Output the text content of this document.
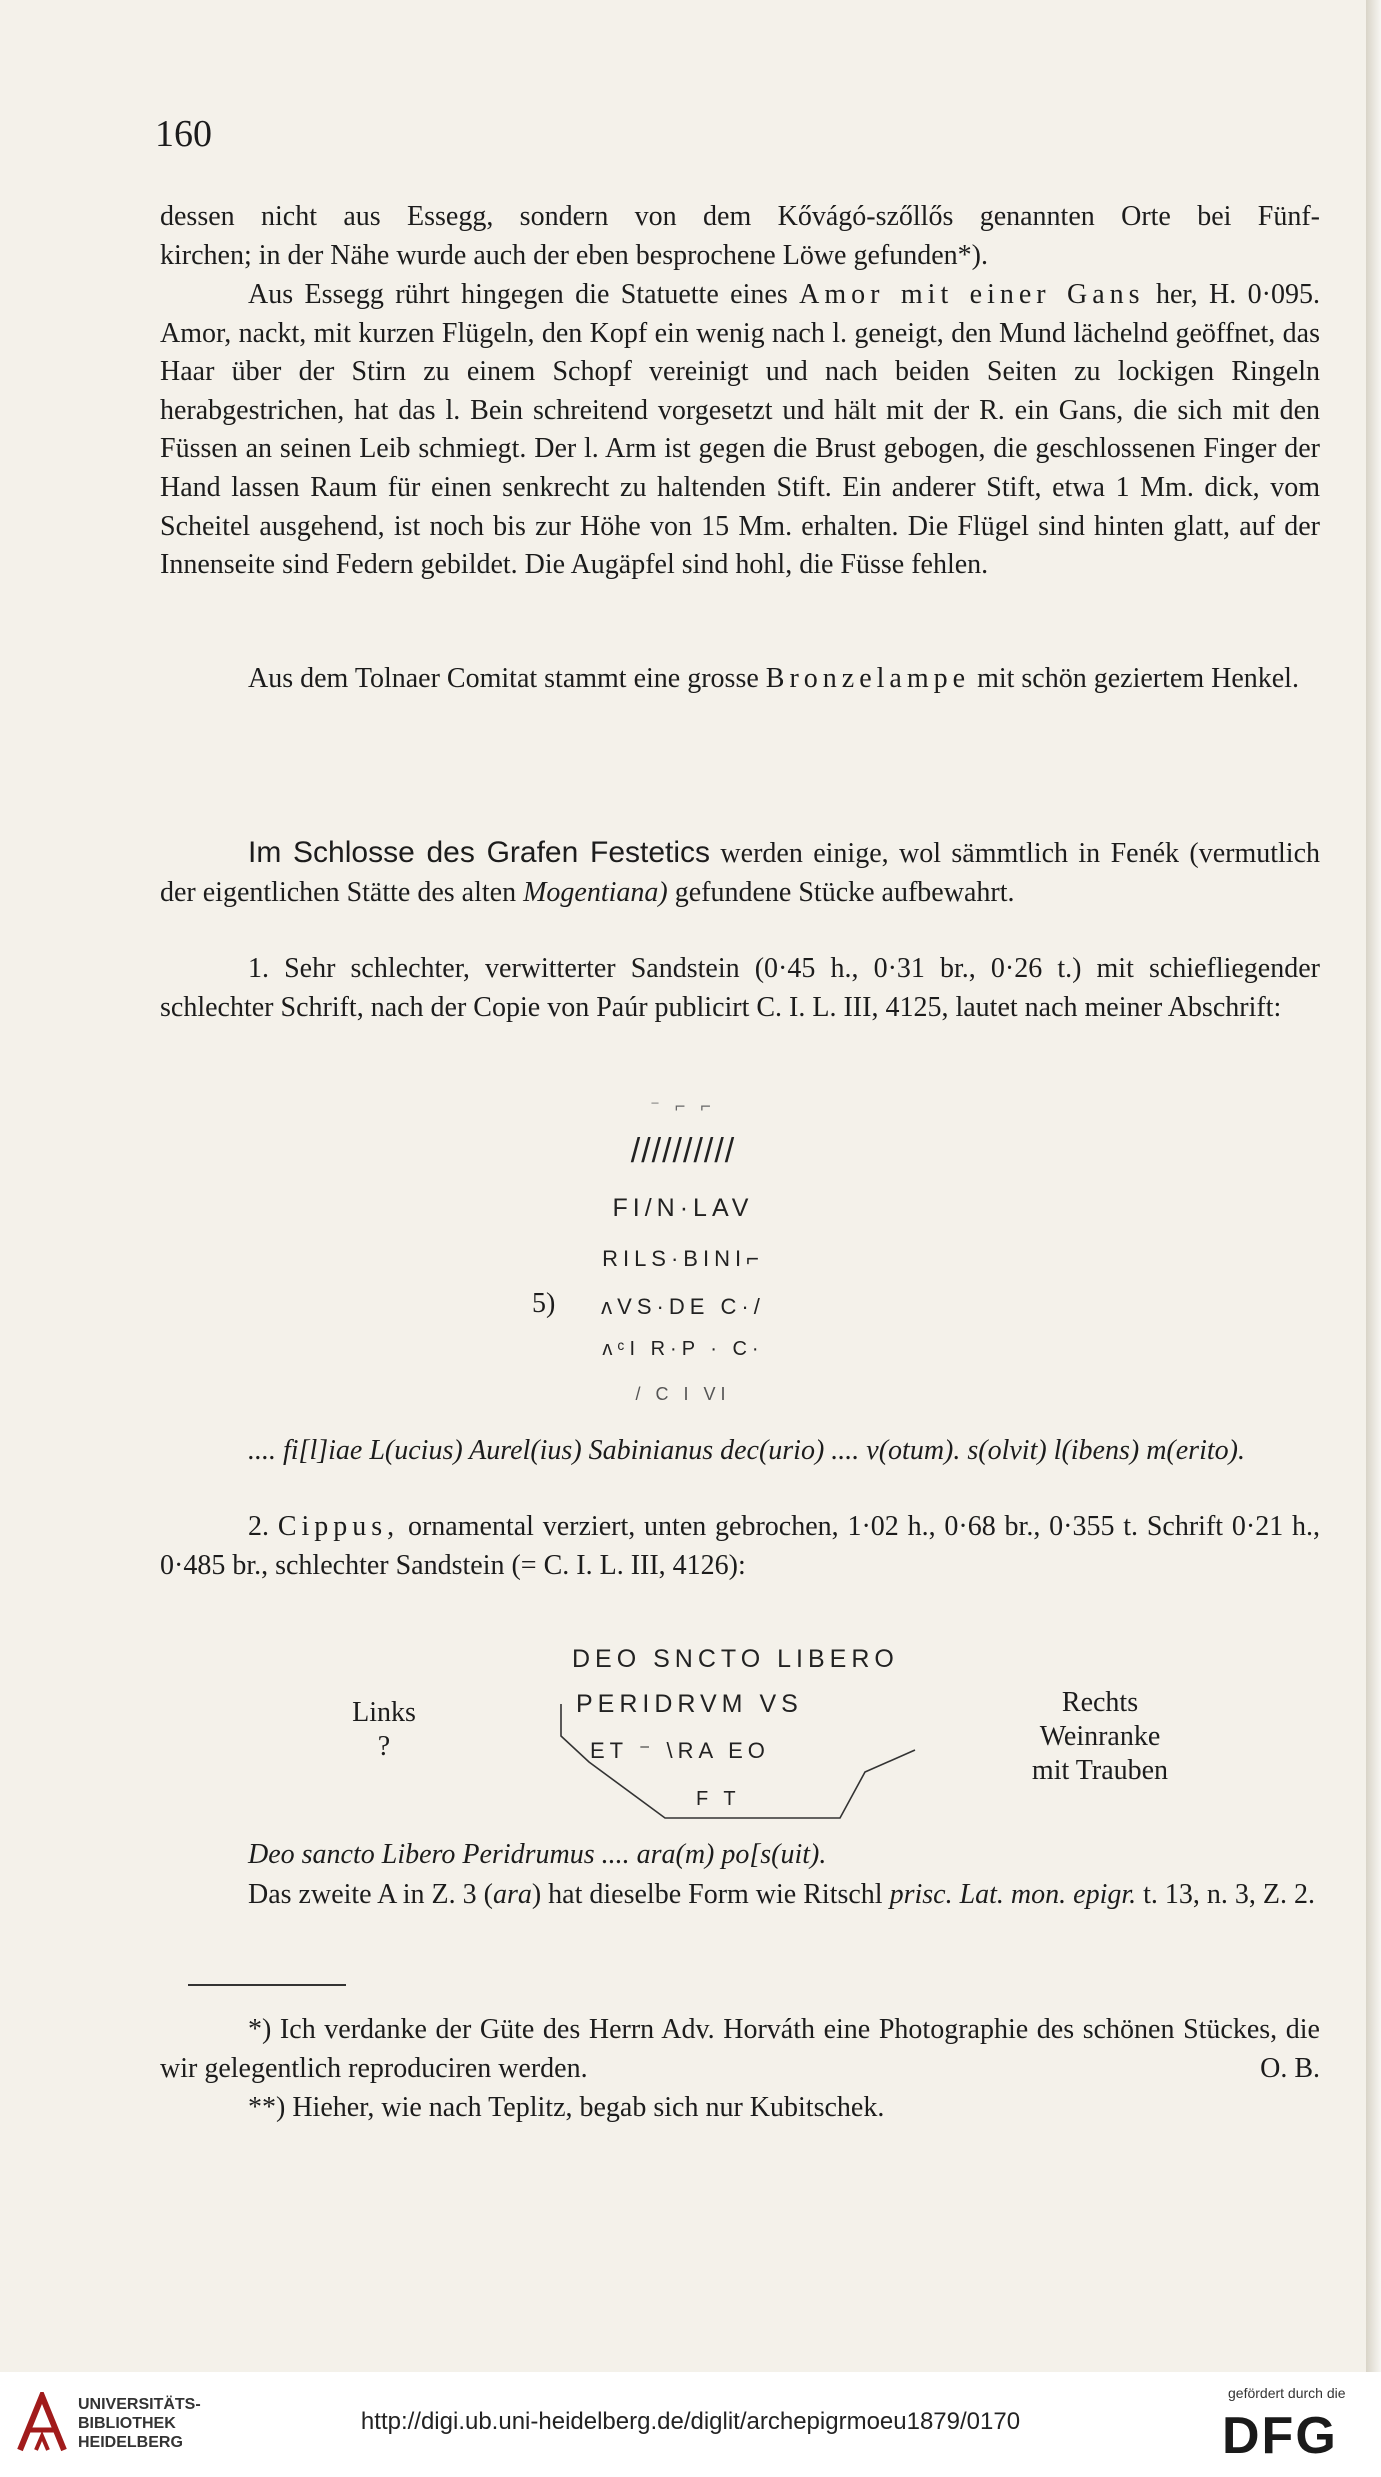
160
dessen nicht aus Essegg, sondern von dem Kővágó-szőllős genannten Orte bei Fünf-
kirchen; in der Nähe wurde auch der eben besprochene Löwe gefunden*).
Aus Essegg rührt hingegen die Statuette eines Amor mit einer Gans her, H. 0·095. Amor, nackt, mit kurzen Flügeln, den Kopf ein wenig nach l. geneigt, den Mund lächelnd geöffnet, das Haar über der Stirn zu einem Schopf vereinigt und nach beiden Seiten zu lockigen Ringeln herabgestrichen, hat das l. Bein schreitend vorgesetzt und hält mit der R. ein Gans, die sich mit den Füssen an seinen Leib schmiegt. Der l. Arm ist gegen die Brust gebogen, die geschlossenen Finger der Hand lassen Raum für einen senkrecht zu haltenden Stift. Ein anderer Stift, etwa 1 Mm. dick, vom Scheitel ausgehend, ist noch bis zur Höhe von 15 Mm. erhalten. Die Flügel sind hinten glatt, auf der Innenseite sind Federn gebildet. Die Augäpfel sind hohl, die Füsse fehlen.
Aus dem Tolnaer Comitat stammt eine grosse Bronzelampe mit schön geziertem Henkel.
Im Schlosse des Grafen Festetics werden einige, wol sämmtlich in Fenék (vermutlich der eigentlichen Stätte des alten Mogentiana) gefundene Stücke aufbewahrt.
1. Sehr schlechter, verwitterter Sandstein (0·45 h., 0·31 br., 0·26 t.) mit schiefliegender schlechter Schrift, nach der Copie von Paúr publicirt C. I. L. III, 4125, lautet nach meiner Abschrift:
⁻ ⌐ ⌐
//////////
FI/N·LAV
RILS·BINI⌐
5)	ʌVS·DE C·/
ʌᶜI R·P · C·
/ C I VI
.... fi[l]iae L(ucius) Aurel(ius) Sabinianus dec(urio) .... v(otum). s(olvit) l(ibens) m(erito).
2. Cippus, ornamental verziert, unten gebrochen, 1·02 h., 0·68 br., 0·355 t. Schrift 0·21 h., 0·485 br., schlechter Sandstein (= C. I. L. III, 4126):
DEO SNCTO LIBERO
PERIDRVM VS
ET ⁻ \RA EO
F T
Links
?
Rechts
Weinranke
mit Trauben
Deo sancto Libero Peridrumus .... ara(m) po[s(uit).
Das zweite A in Z. 3 (ara) hat dieselbe Form wie Ritschl prisc. Lat. mon. epigr. t. 13, n. 3, Z. 2.
*) Ich verdanke der Güte des Herrn Adv. Horváth eine Photographie des schönen Stückes, die wir gelegentlich reproduciren werden.	O. B.
**) Hieher, wie nach Teplitz, begab sich nur Kubitschek.
UNIVERSITÄTS-
BIBLIOTHEK
HEIDELBERG
http://digi.ub.uni-heidelberg.de/diglit/archepigrmoeu1879/0170
gefördert durch die
DFG
